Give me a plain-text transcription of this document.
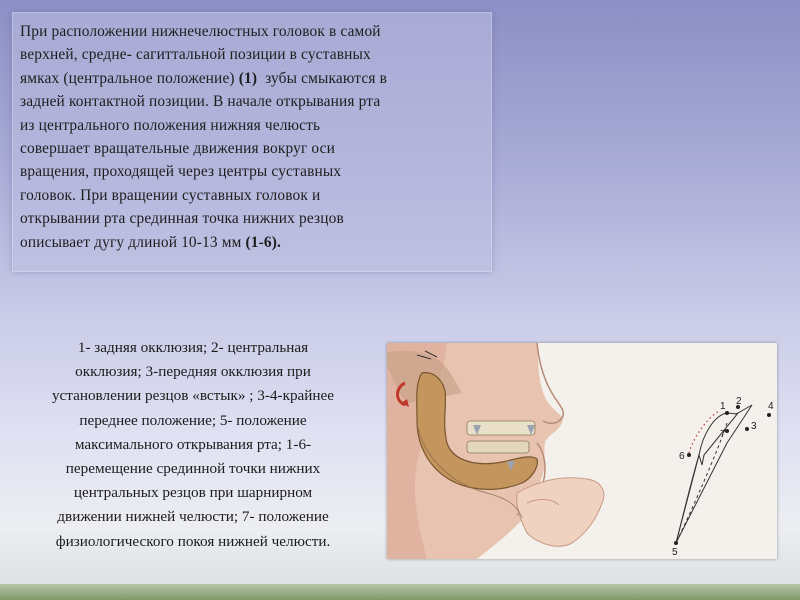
При расположении нижнечелюстных головок в самой
верхней, средне- сагиттальной позиции в суставных
ямках (центральное положение) (1)  зубы смыкаются в
задней контактной позиции. В начале открывания рта
из центрального положения нижняя челюсть
совершает вращательные движения вокруг оси
вращения, проходящей через центры суставных
головок. При вращении суставных головок и
открывании рта срединная точка нижних резцов
описывает дугу длиной 10-13 мм (1-6).
1- задняя окклюзия; 2- центральная
окклюзия; 3-передняя окклюзия при
установлении резцов «встык» ; 3-4-крайнее
переднее положение; 5- положение
максимального открывания рта; 1-6-
перемещение срединной точки нижних
центральных резцов при шарнирном
движении нижней челюсти; 7- положение
физиологического покоя нижней челюсти.
1 2
3
4
5
6
7
